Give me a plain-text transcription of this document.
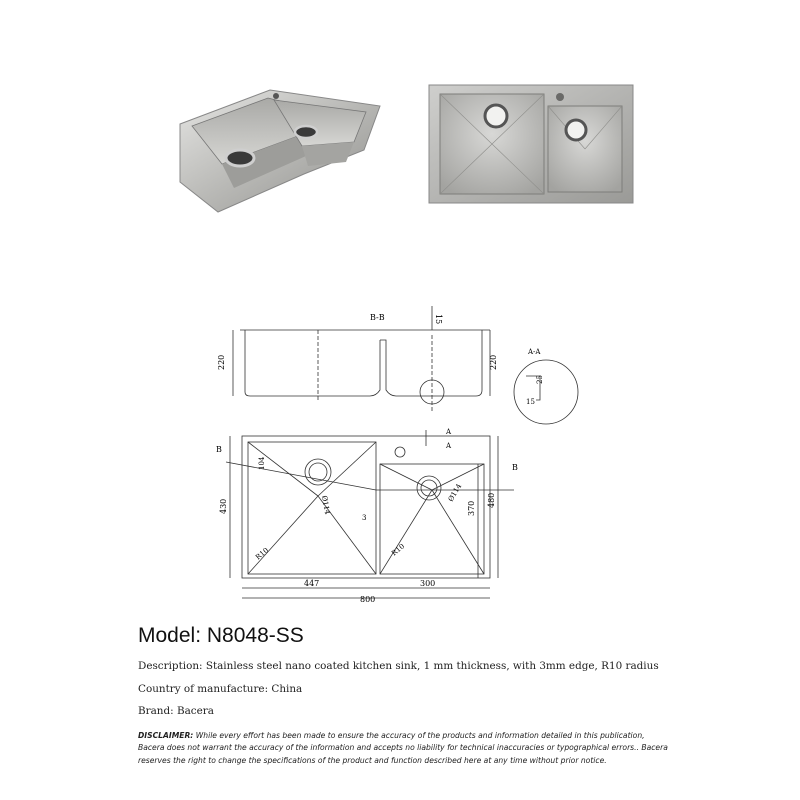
B-B
A-A
220	220
15
25
15
B
B
A
A
104
430	370
480
Ø114
Ø114
3
R10	R10
447	300
800
Model: N8048-SS
Description: Stainless steel nano coated kitchen sink, 1 mm thickness, with 3mm edge, R10 radius
Country of manufacture: China
Brand: Bacera
DISCLAIMER: While every effort has been made to ensure the accuracy of the products and information detailed in this publication, Bacera does not warrant the accuracy of the information and accepts no liability for technical inaccuracies or typographical errors.. Bacera reserves the right to change the specifications of the product and function described here at any time without prior notice.
